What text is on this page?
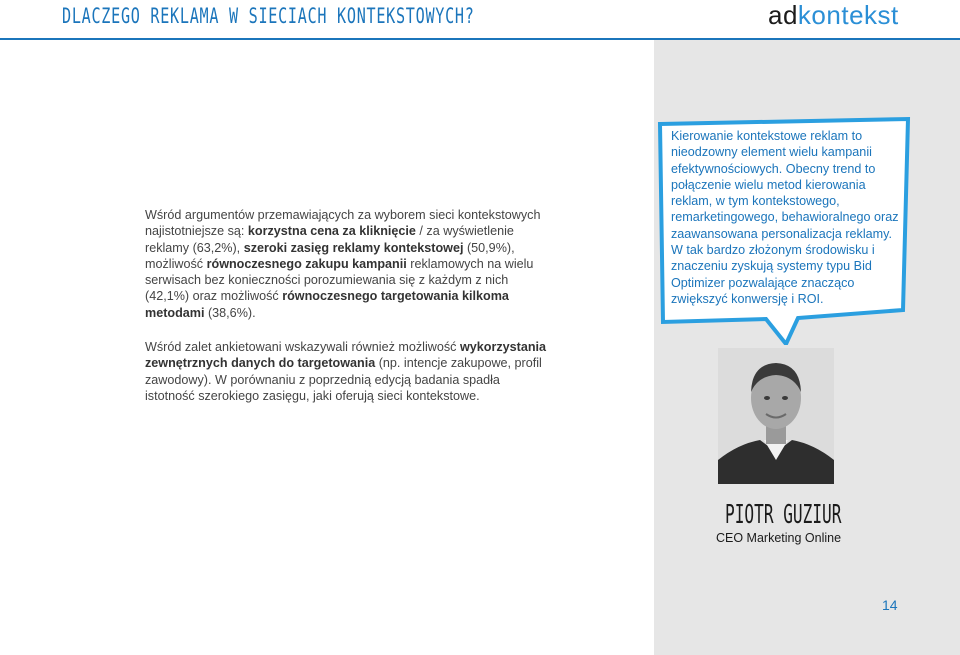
DLACZEGO REKLAMA W SIECIACH KONTEKSTOWYCH?	adkontekst
Wśród argumentów przemawiających za wyborem sieci kontekstowych najistotniejsze są: korzystna cena za kliknięcie / za wyświetlenie reklamy (63,2%), szeroki zasięg reklamy kontekstowej (50,9%), możliwość równoczesnego zakupu kampanii reklamowych na wielu serwisach bez konieczności porozumiewania się z każdym z nich (42,1%) oraz możliwość równoczesnego targetowania kilkoma metodami (38,6%).
Wśród zalet ankietowani wskazywali również możliwość wykorzystania zewnętrznych danych do targetowania (np. intencje zakupowe, profil zawodowy). W porównaniu z poprzednią edycją badania spadła istotność szerokiego zasięgu, jaki oferują sieci kontekstowe.
Kierowanie kontekstowe reklam to nieodzowny element wielu kampanii efektywnościowych. Obecny trend to połączenie wielu metod kierowania reklam, w tym kontekstowego, remarketingowego, behawioralnego oraz zaawansowana personalizacja reklamy. W tak bardzo złożonym środowisku i znaczeniu zyskują systemy typu Bid Optimizer pozwalające znacząco zwiększyć konwersję i ROI.
PIOTR GUZIUR
CEO Marketing Online
14
